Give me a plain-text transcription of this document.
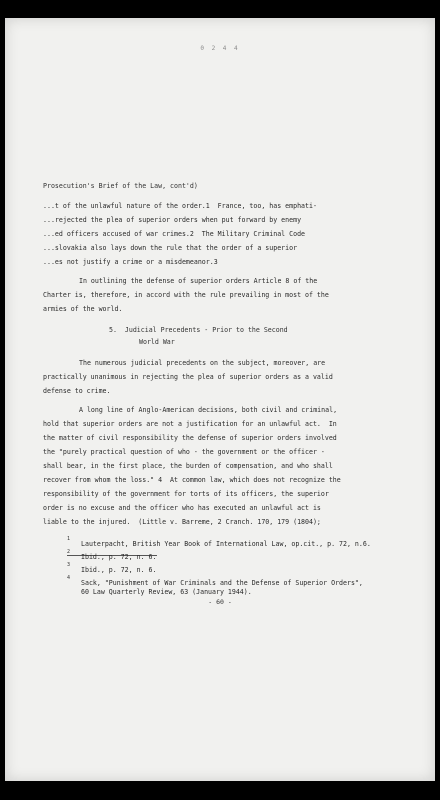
0 2 4 4
Prosecution's Brief of the Law, cont'd)
...t of the unlawful nature of the order.1  France, too, has emphati-
...rejected the plea of superior orders when put forward by enemy
...ed officers accused of war crimes.2  The Military Criminal Code
...slovakia also lays down the rule that the order of a superior
...es not justify a crime or a misdemeanor.3
In outlining the defense of superior orders Article 8 of the
Charter is, therefore, in accord with the rule prevailing in most of the
armies of the world.
5.  Judicial Precedents - Prior to the Second
World War
The numerous judicial precedents on the subject, moreover, are
practically unanimous in rejecting the plea of superior orders as a valid
defense to crime.
A long line of Anglo-American decisions, both civil and criminal,
hold that superior orders are not a justification for an unlawful act.  In
the matter of civil responsibility the defense of superior orders involved
the "purely practical question of who - the government or the officer -
shall bear, in the first place, the burden of compensation, and who shall
recover from whom the loss." 4  At common law, which does not recognize the
responsibility of the government for torts of its officers, the superior
order is no excuse and the officer who has executed an unlawful act is
liable to the injured.  (Little v. Barreme, 2 Cranch. 170, 179 (1804);
1
Lauterpacht, British Year Book of International Law, op.cit., p. 72, n.6.
2
Ibid., p. 72, n. 6.
3
Ibid., p. 72, n. 6.
4
Sack, "Punishment of War Criminals and the Defense of Superior Orders",
60 Law Quarterly Review, 63 (January 1944).
- 60 -
